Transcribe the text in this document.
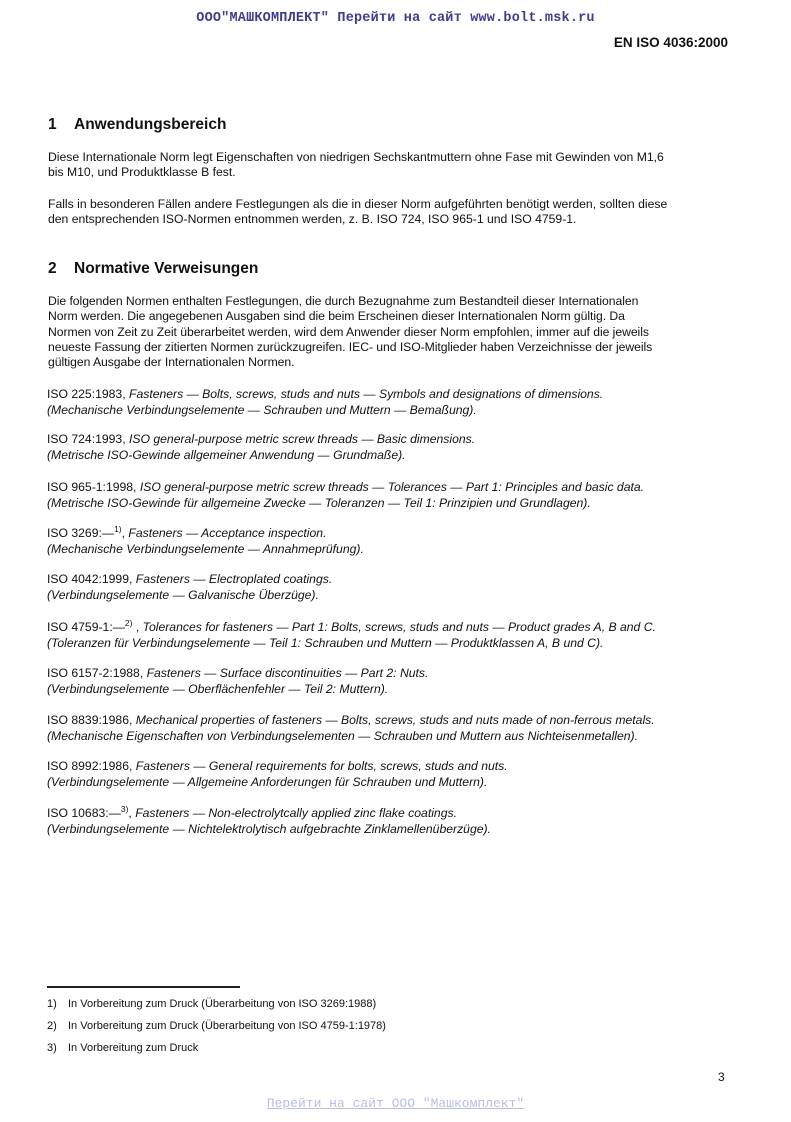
ООО"МАШКОМПЛЕКТ" Перейти на сайт www.bolt.msk.ru
EN ISO 4036:2000
1 Anwendungsbereich
Diese Internationale Norm legt Eigenschaften von niedrigen Sechskantmuttern ohne Fase mit Gewinden von M1,6
bis M10, und Produktklasse B fest.
Falls in besonderen Fällen andere Festlegungen als die in dieser Norm aufgeführten benötigt werden, sollten diese
den entsprechenden ISO-Normen entnommen werden, z. B. ISO 724, ISO 965-1 und ISO 4759-1.
2 Normative Verweisungen
Die folgenden Normen enthalten Festlegungen, die durch Bezugnahme zum Bestandteil dieser Internationalen
Norm werden. Die angegebenen Ausgaben sind die beim Erscheinen dieser Internationalen Norm gültig. Da
Normen von Zeit zu Zeit überarbeitet werden, wird dem Anwender dieser Norm empfohlen, immer auf die jeweils
neueste Fassung der zitierten Normen zurückzugreifen. IEC- und ISO-Mitglieder haben Verzeichnisse der jeweils
gültigen Ausgabe der Internationalen Normen.
ISO 225:1983, Fasteners — Bolts, screws, studs and nuts — Symbols and designations of dimensions.
(Mechanische Verbindungselemente — Schrauben und Muttern — Bemaßung).
ISO 724:1993, ISO general-purpose metric screw threads — Basic dimensions.
(Metrische ISO-Gewinde allgemeiner Anwendung — Grundmaße).
ISO 965-1:1998, ISO general-purpose metric screw threads — Tolerances — Part 1: Principles and basic data.
(Metrische ISO-Gewinde für allgemeine Zwecke — Toleranzen — Teil 1: Prinzipien und Grundlagen).
ISO 3269:—$^{1)}$, Fasteners — Acceptance inspection.
(Mechanische Verbindungselemente — Annahmeprüfung).
ISO 4042:1999, Fasteners — Electroplated coatings.
(Verbindungselemente — Galvanische Überzüge).
ISO 4759-1:—$^{2)}$ , Tolerances for fasteners — Part 1: Bolts, screws, studs and nuts — Product grades A, B and C.
(Toleranzen für Verbindungselemente — Teil 1: Schrauben und Muttern — Produktklassen A, B und C).
ISO 6157-2:1988, Fasteners — Surface discontinuities — Part 2: Nuts.
(Verbindungselemente — Oberflächenfehler — Teil 2: Muttern).
ISO 8839:1986, Mechanical properties of fasteners — Bolts, screws, studs and nuts made of non-ferrous metals.
(Mechanische Eigenschaften von Verbindungselementen — Schrauben und Muttern aus Nichteisenmetallen).
ISO 8992:1986, Fasteners — General requirements for bolts, screws, studs and nuts.
(Verbindungselemente — Allgemeine Anforderungen für Schrauben und Muttern).
ISO 10683:—$^{3)}$, Fasteners — Non-electrolytcally applied zinc flake coatings.
(Verbindungselemente — Nichtelektrolytisch aufgebrachte Zinklamellenüberzüge).
1) In Vorbereitung zum Druck (Überarbeitung von ISO 3269:1988)
2) In Vorbereitung zum Druck (Überarbeitung von ISO 4759-1:1978)
3) In Vorbereitung zum Druck
3
Перейти на сайт ООО "Машкомплект"
